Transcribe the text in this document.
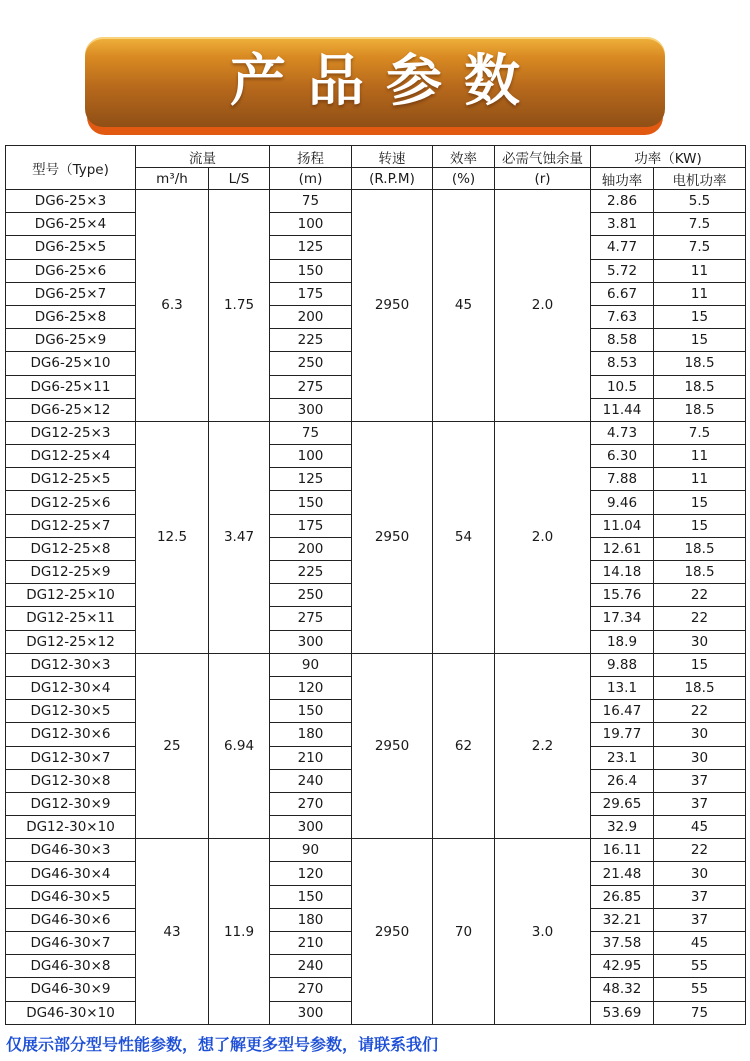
产品参数
型号（Type)	流量		扬程	转速	效率	必需气蚀余量	功率（KW)	
	m³/h	L/S	(m)	(R.P.M)	(%)	(r)	轴功率	电机功率
DG6-25×3	6.3	1.75	75	2950	45	2.0	2.86	5.5
DG6-25×4			100				3.81	7.5
DG6-25×5			125				4.77	7.5
DG6-25×6			150				5.72	11
DG6-25×7			175				6.67	11
DG6-25×8			200				7.63	15
DG6-25×9			225				8.58	15
DG6-25×10			250				8.53	18.5
DG6-25×11			275				10.5	18.5
DG6-25×12			300				11.44	18.5
DG12-25×3	12.5	3.47	75	2950	54	2.0	4.73	7.5
DG12-25×4			100				6.30	11
DG12-25×5			125				7.88	11
DG12-25×6			150				9.46	15
DG12-25×7			175				11.04	15
DG12-25×8			200				12.61	18.5
DG12-25×9			225				14.18	18.5
DG12-25×10			250				15.76	22
DG12-25×11			275				17.34	22
DG12-25×12			300				18.9	30
DG12-30×3	25	6.94	90	2950	62	2.2	9.88	15
DG12-30×4			120				13.1	18.5
DG12-30×5			150				16.47	22
DG12-30×6			180				19.77	30
DG12-30×7			210				23.1	30
DG12-30×8			240				26.4	37
DG12-30×9			270				29.65	37
DG12-30×10			300				32.9	45
DG46-30×3	43	11.9	90	2950	70	3.0	16.11	22
DG46-30×4			120				21.48	30
DG46-30×5			150				26.85	37
DG46-30×6			180				32.21	37
DG46-30×7			210				37.58	45
DG46-30×8			240				42.95	55
DG46-30×9			270				48.32	55
DG46-30×10			300				53.69	75
仅展示部分型号性能参数，想了解更多型号参数，请联系我们
